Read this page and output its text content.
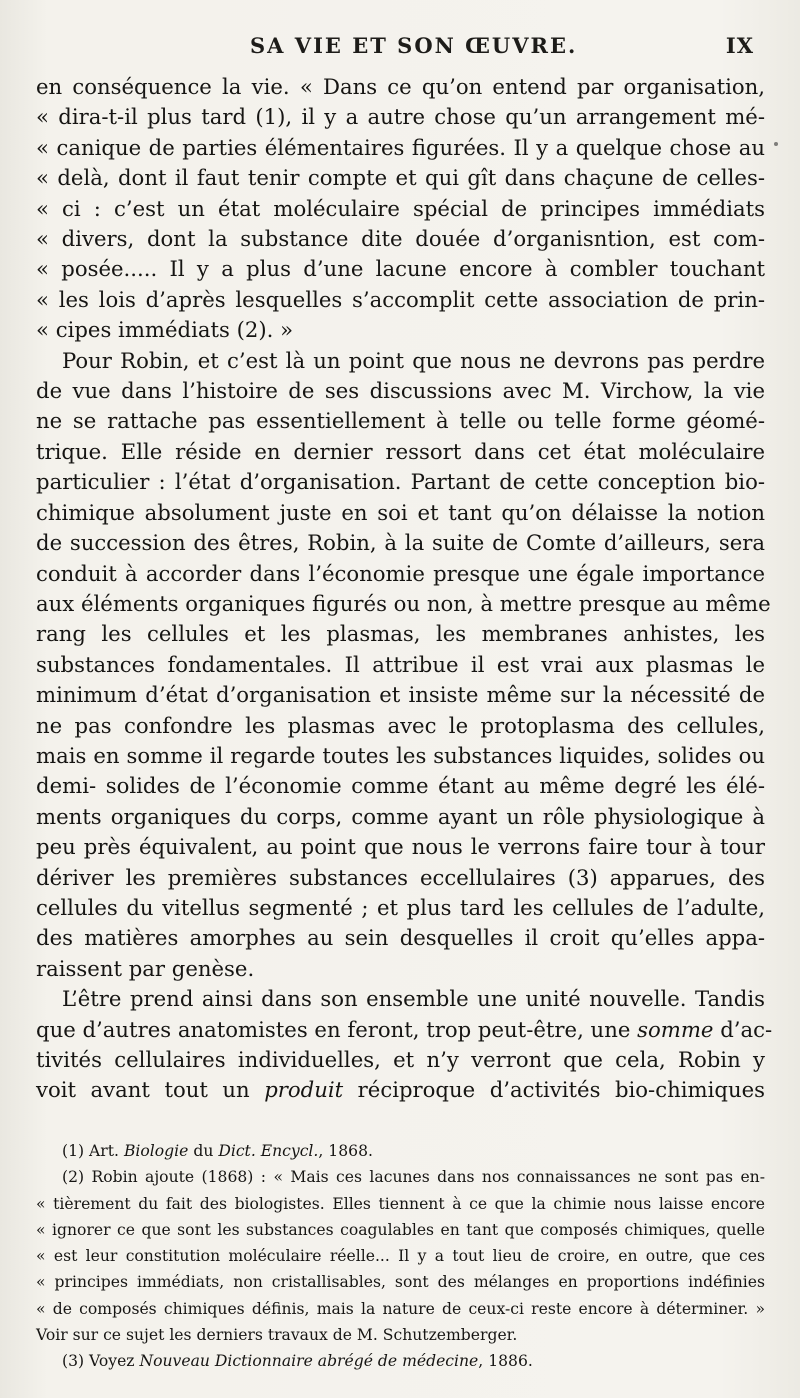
SA VIE ET SON ŒUVRE.	IX
en conséquence la vie. « Dans ce qu’on entend par organisation,
« dira-t-il plus tard (1), il y a autre chose qu’un arrangement mé-
« canique de parties élémentaires figurées. Il y a quelque chose au
« delà, dont il faut tenir compte et qui gît dans chaçune de celles-
« ci : c’est un état moléculaire spécial de principes immédiats
« divers, dont la substance dite douée d’organisntion, est com-
« posée..... Il y a plus d’une lacune encore à combler touchant
« les lois d’après lesquelles s’accomplit cette association de prin-
« cipes immédiats (2). »
Pour Robin, et c’est là un point que nous ne devrons pas perdre
de vue dans l’histoire de ses discussions avec M. Virchow, la vie
ne se rattache pas essentiellement à telle ou telle forme géomé-
trique. Elle réside en dernier ressort dans cet état moléculaire
particulier : l’état d’organisation. Partant de cette conception bio-
chimique absolument juste en soi et tant qu’on délaisse la notion
de succession des êtres, Robin, à la suite de Comte d’ailleurs, sera
conduit à accorder dans l’économie presque une égale importance
aux éléments organiques figurés ou non, à mettre presque au même
rang les cellules et les plasmas, les membranes anhistes, les
substances fondamentales. Il attribue il est vrai aux plasmas le
minimum d’état d’organisation et insiste même sur la nécessité de
ne pas confondre les plasmas avec le protoplasma des cellules,
mais en somme il regarde toutes les substances liquides, solides ou
demi- solides de l’économie comme étant au même degré les élé-
ments organiques du corps, comme ayant un rôle physiologique à
peu près équivalent, au point que nous le verrons faire tour à tour
dériver les premières substances eccellulaires (3) apparues, des
cellules du vitellus segmenté ; et plus tard les cellules de l’adulte,
des matières amorphes au sein desquelles il croit qu’elles appa-
raissent par genèse.
L’être prend ainsi dans son ensemble une unité nouvelle. Tandis
que d’autres anatomistes en feront, trop peut-être, une somme d’ac-
tivités cellulaires individuelles, et n’y verront que cela, Robin y
voit avant tout un produit réciproque d’activités bio-chimiques
(1) Art. Biologie du Dict. Encycl., 1868.
(2) Robin ajoute (1868) : « Mais ces lacunes dans nos connaissances ne sont pas en-
« tièrement du fait des biologistes. Elles tiennent à ce que la chimie nous laisse encore
« ignorer ce que sont les substances coagulables en tant que composés chimiques, quelle
« est leur constitution moléculaire réelle... Il y a tout lieu de croire, en outre, que ces
« principes immédiats, non cristallisables, sont des mélanges en proportions indéfinies
« de composés chimiques définis, mais la nature de ceux-ci reste encore à déterminer. »
Voir sur ce sujet les derniers travaux de M. Schutzemberger.
(3) Voyez Nouveau Dictionnaire abrégé de médecine, 1886.
